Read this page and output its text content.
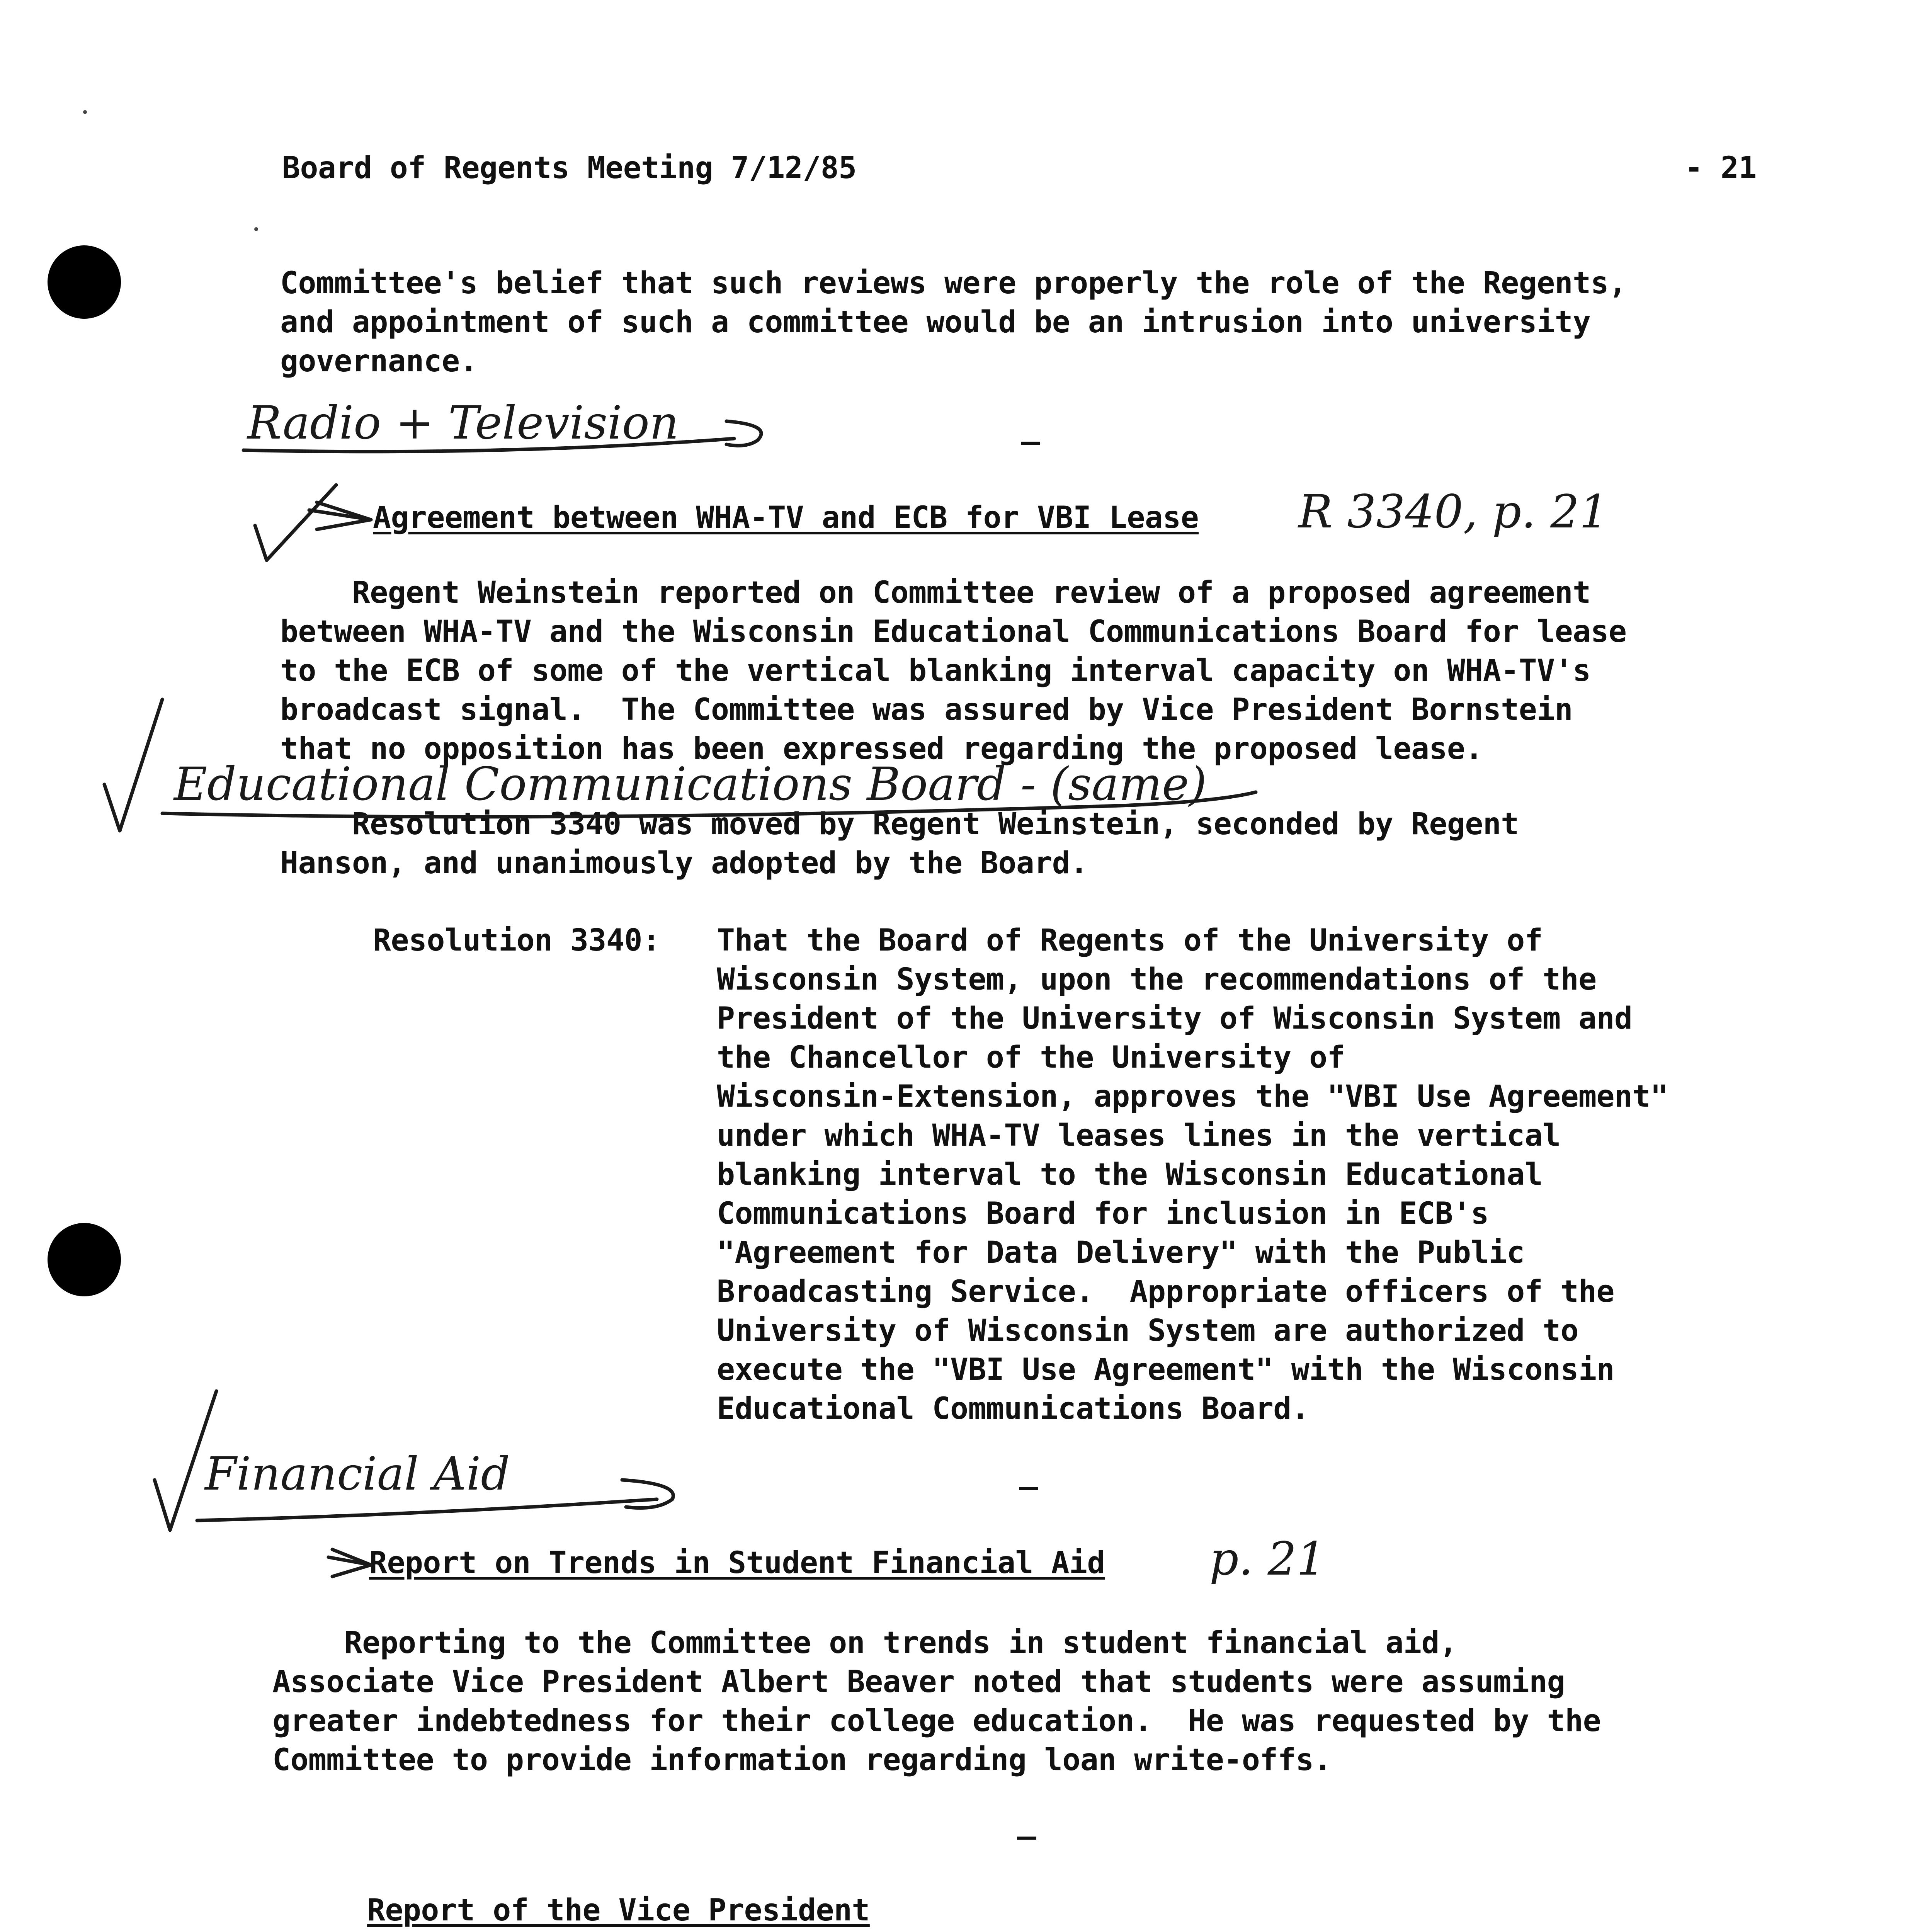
Board of Regents Meeting 7/12/85	- 21
Committee's belief that such reviews were properly the role of the Regents,
and appointment of such a committee would be an intrusion into university
governance.
Radio + Television
Agreement between WHA-TV and ECB for VBI Lease R 3340, p. 21
Regent Weinstein reported on Committee review of a proposed agreement
between WHA-TV and the Wisconsin Educational Communications Board for lease
to the ECB of some of the vertical blanking interval capacity on WHA-TV's
broadcast signal.  The Committee was assured by Vice President Bornstein
that no opposition has been expressed regarding the proposed lease.
Educational Communications Board - (same)
Resolution 3340 was moved by Regent Weinstein, seconded by Regent
Hanson, and unanimously adopted by the Board.
Resolution 3340: That the Board of Regents of the University of
Wisconsin System, upon the recommendations of the
President of the University of Wisconsin System and
the Chancellor of the University of
Wisconsin-Extension, approves the "VBI Use Agreement"
under which WHA-TV leases lines in the vertical
blanking interval to the Wisconsin Educational
Communications Board for inclusion in ECB's
"Agreement for Data Delivery" with the Public
Broadcasting Service.  Appropriate officers of the
University of Wisconsin System are authorized to
execute the "VBI Use Agreement" with the Wisconsin
Educational Communications Board.
Financial Aid
Report on Trends in Student Financial Aid p. 21
Reporting to the Committee on trends in student financial aid,
Associate Vice President Albert Beaver noted that students were assuming
greater indebtedness for their college education.  He was requested by the
Committee to provide information regarding loan write-offs.
Report of the Vice President
